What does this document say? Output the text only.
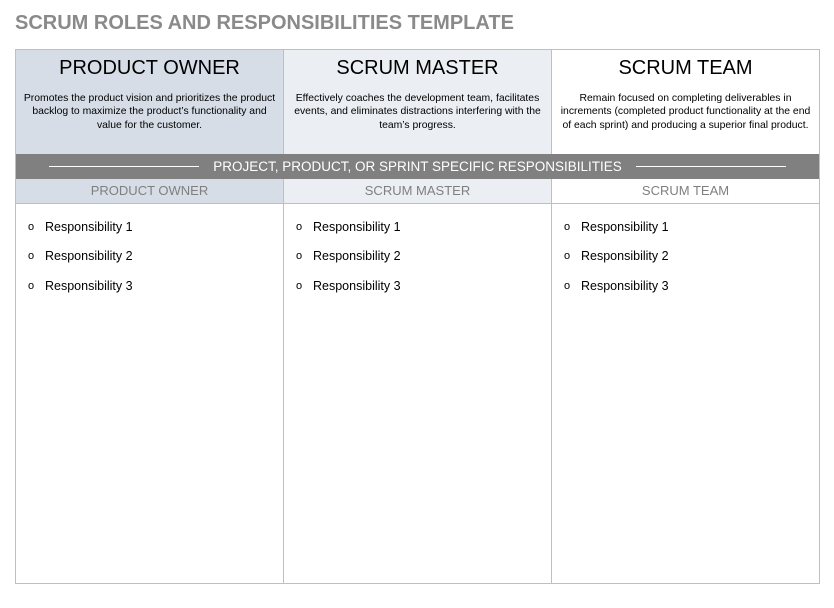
SCRUM ROLES AND RESPONSIBILITIES TEMPLATE
PRODUCT OWNER
Promotes the product vision and prioritizes the product backlog to maximize the product’s functionality and value for the customer.
SCRUM MASTER
Effectively coaches the development team, facilitates events, and eliminates distractions interfering with the team’s progress.
SCRUM TEAM
Remain focused on completing deliverables in increments (completed product functionality at the end of each sprint) and producing a superior final product.
PROJECT, PRODUCT, OR SPRINT SPECIFIC RESPONSIBILITIES
PRODUCT OWNER	SCRUM MASTER	SCRUM TEAM
o Responsibility 1
o Responsibility 2
o Responsibility 3
o Responsibility 1
o Responsibility 2
o Responsibility 3
o Responsibility 1
o Responsibility 2
o Responsibility 3
